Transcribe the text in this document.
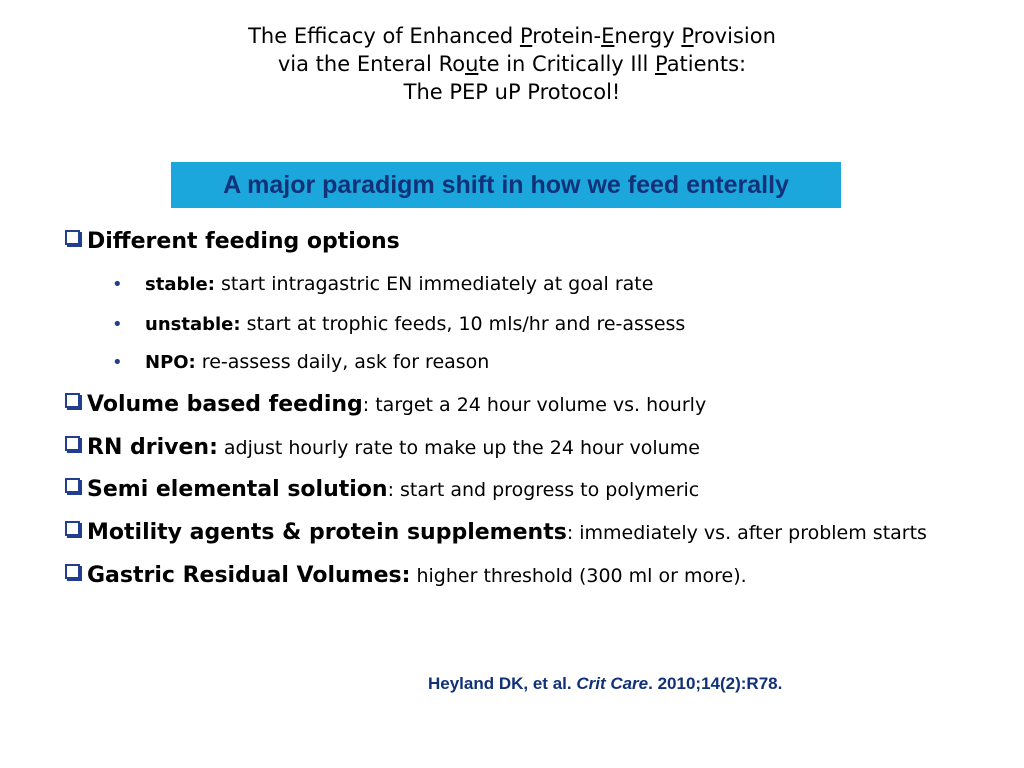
The Efficacy of Enhanced Protein-Energy Provision
via the Enteral Route in Critically Ill Patients:
The PEP uP Protocol!
A major paradigm shift in how we feed enterally
Different feeding options
• stable: start intragastric EN immediately at goal rate
• unstable: start at trophic feeds, 10 mls/hr and re-assess
• NPO: re-assess daily, ask for reason
Volume based feeding: target a 24 hour volume vs. hourly
RN driven: adjust hourly rate to make up the 24 hour volume
Semi elemental solution: start and progress to polymeric
Motility agents & protein supplements: immediately vs. after problem starts
Gastric Residual Volumes: higher threshold (300 ml or more).
Heyland DK, et al. Crit Care. 2010;14(2):R78.
